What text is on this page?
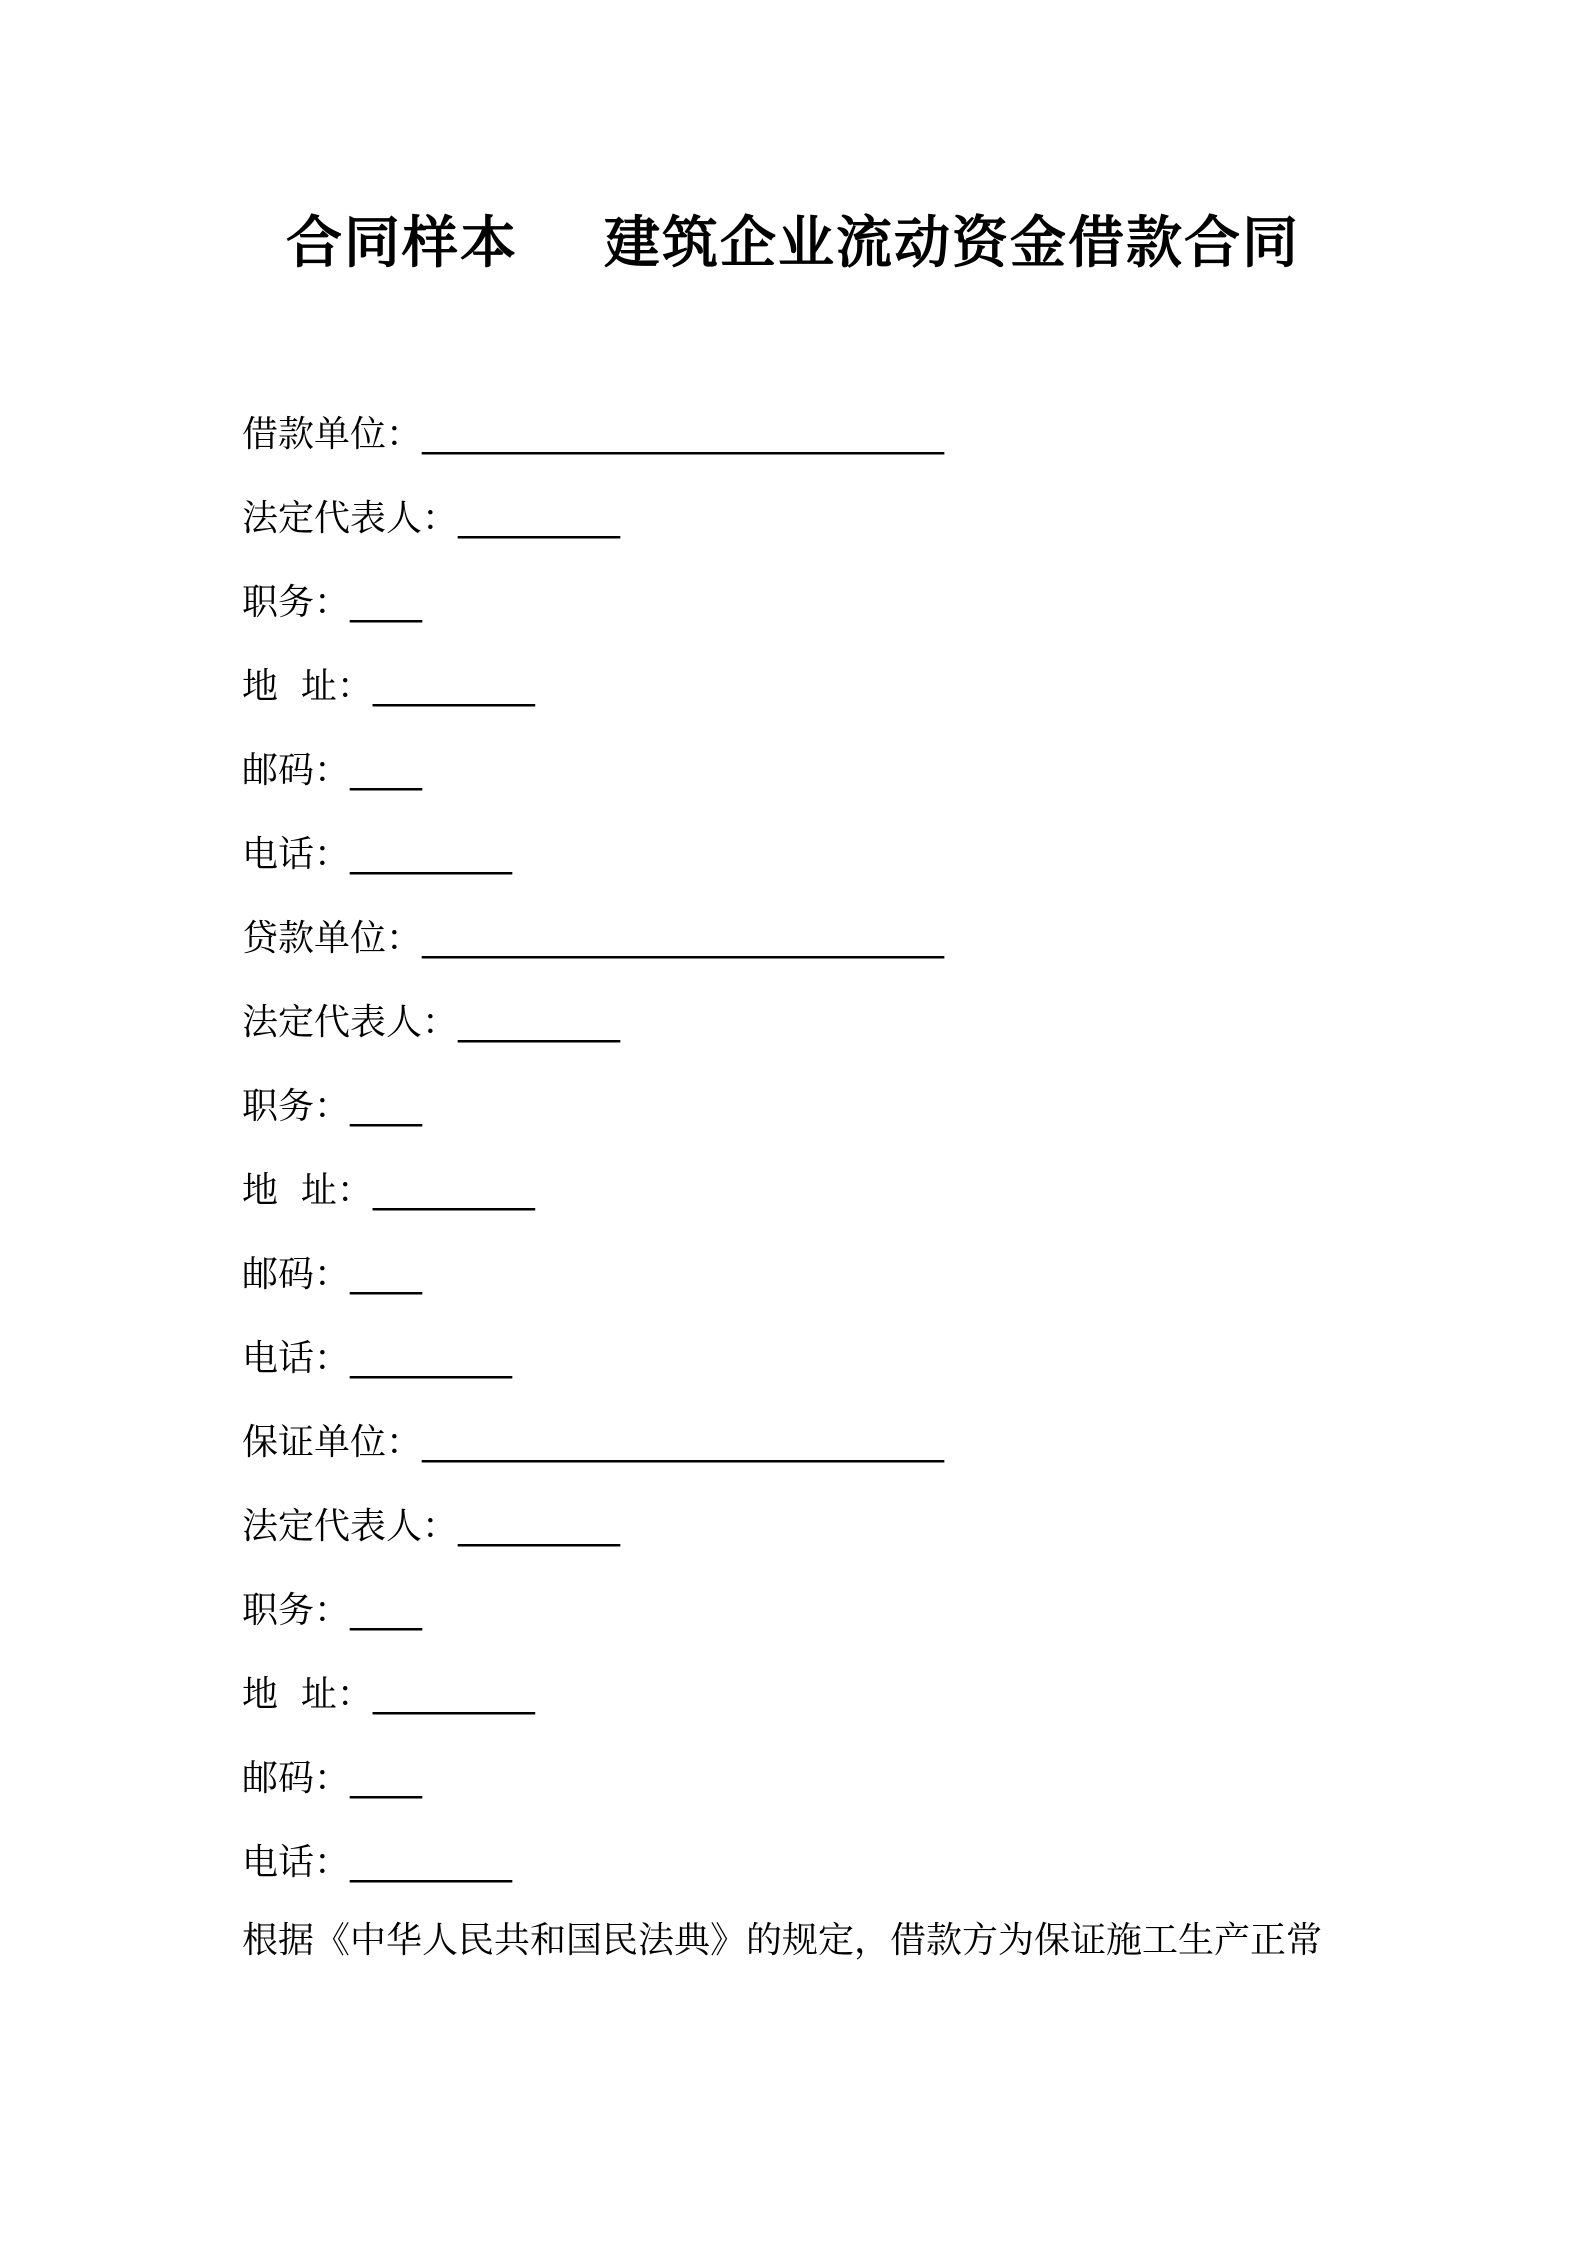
合同样本    建筑企业流动资金借款合同
借款单位：_____________________________
法定代表人：_________
职务：____
地  址：_________
邮码：____
电话：_________
贷款单位：_____________________________
法定代表人：_________
职务：____
地  址：_________
邮码：____
电话：_________
保证单位：_____________________________
法定代表人：_________
职务：____
地  址：_________
邮码：____
电话：_________
根据《中华人民共和国民法典》的规定，借款方为保证施工生产正常
